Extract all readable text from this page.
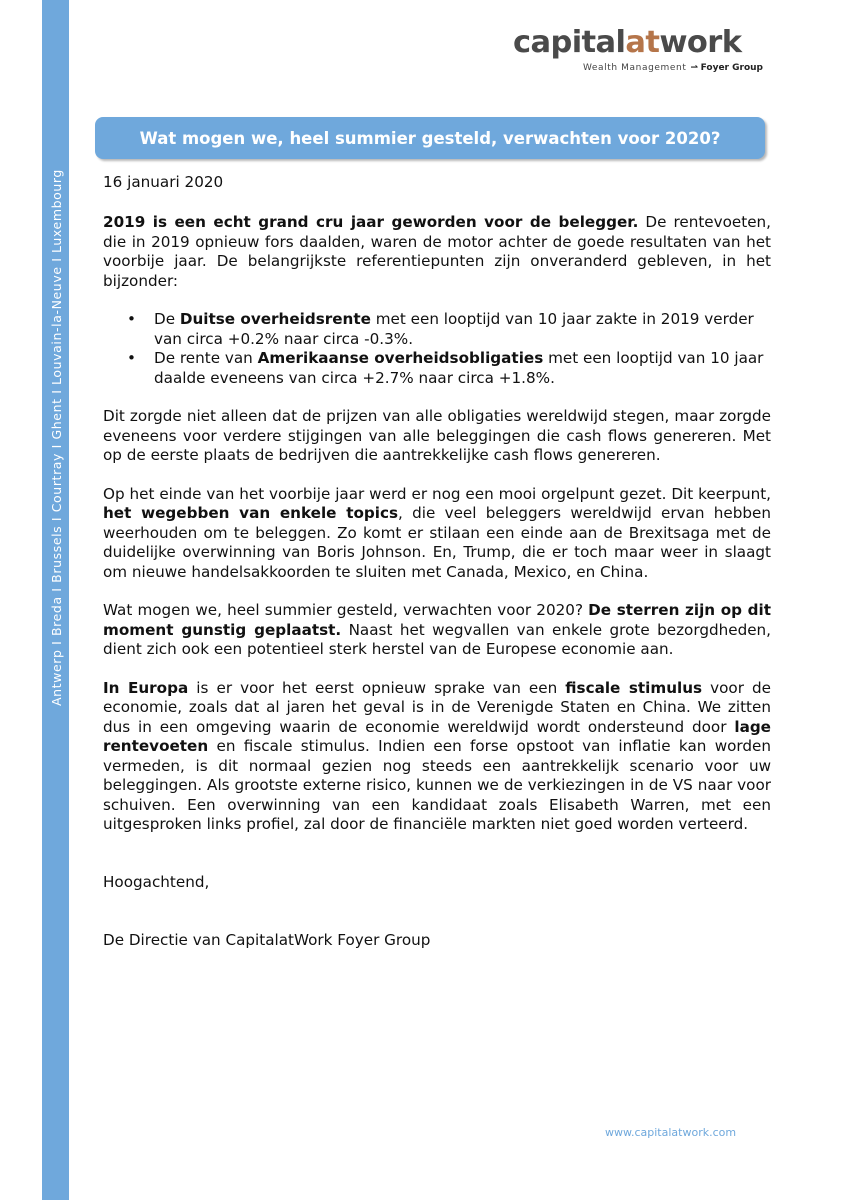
Antwerp I Breda I Brussels I Courtray I Ghent I Louvain-la-Neuve I Luxembourg
capitalatwork
Wealth Management ⇀ Foyer Group
Wat mogen we, heel summier gesteld, verwachten voor 2020?

16 januari 2020

2019 is een echt grand cru jaar geworden voor de belegger. De rentevoeten, die in 2019 opnieuw fors daalden, waren de motor achter de goede resultaten van het voorbije jaar. De belangrijkste referentiepunten zijn onveranderd gebleven, in het bijzonder:

• De Duitse overheidsrente met een looptijd van 10 jaar zakte in 2019 verder van circa +0.2% naar circa -0.3%.
• De rente van Amerikaanse overheidsobligaties met een looptijd van 10 jaar daalde eveneens van circa +2.7% naar circa +1.8%.

Dit zorgde niet alleen dat de prijzen van alle obligaties wereldwijd stegen, maar zorgde eveneens voor verdere stijgingen van alle beleggingen die cash flows genereren. Met op de eerste plaats de bedrijven die aantrekkelijke cash flows genereren.

Op het einde van het voorbije jaar werd er nog een mooi orgelpunt gezet. Dit keerpunt, het wegebben van enkele topics, die veel beleggers wereldwijd ervan hebben weerhouden om te beleggen. Zo komt er stilaan een einde aan de Brexitsaga met de duidelijke overwinning van Boris Johnson. En, Trump, die er toch maar weer in slaagt om nieuwe handelsakkoorden te sluiten met Canada, Mexico, en China.

Wat mogen we, heel summier gesteld, verwachten voor 2020? De sterren zijn op dit moment gunstig geplaatst. Naast het wegvallen van enkele grote bezorgdheden, dient zich ook een potentieel sterk herstel van de Europese economie aan.

In Europa is er voor het eerst opnieuw sprake van een fiscale stimulus voor de economie, zoals dat al jaren het geval is in de Verenigde Staten en China. We zitten dus in een omgeving waarin de economie wereldwijd wordt ondersteund door lage rentevoeten en fiscale stimulus. Indien een forse opstoot van inflatie kan worden vermeden, is dit normaal gezien nog steeds een aantrekkelijk scenario voor uw beleggingen. Als grootste externe risico, kunnen we de verkiezingen in de VS naar voor schuiven. Een overwinning van een kandidaat zoals Elisabeth Warren, met een uitgesproken links profiel, zal door de financiële markten niet goed worden verteerd.

Hoogachtend,

De Directie van CapitalatWork Foyer Group

www.capitalatwork.com
